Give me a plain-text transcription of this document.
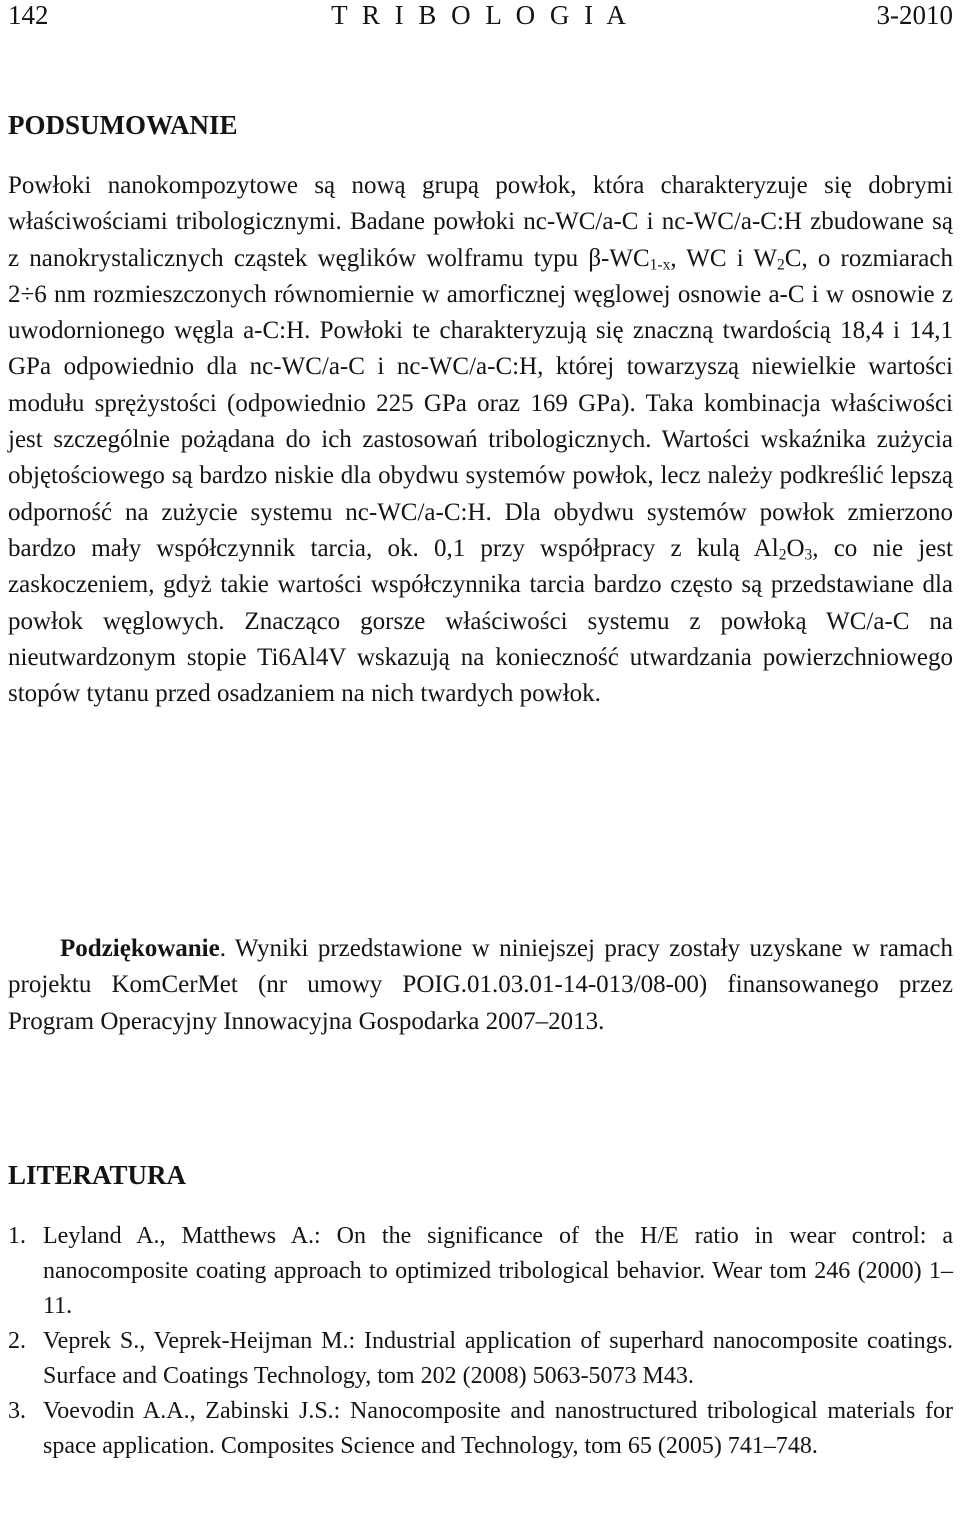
142	T R I B O L O G I A	3-2010
PODSUMOWANIE

Powłoki nanokompozytowe są nową grupą powłok, która charakteryzuje się dobrymi właściwościami tribologicznymi. Badane powłoki nc-WC/a-C i nc-WC/a-C:H zbudowane są z nanokrystalicznych cząstek węglików wolframu typu $\beta-WC_{1-x}$, WC i $W_2C$, o rozmiarach 2÷6 nm rozmieszczonych równomiernie w amorficznej węglowej osnowie a-C i w osnowie z uwodornionego węgla a-C:H. Powłoki te charakteryzują się znaczną twardością 18,4 i 14,1 GPa odpowiednio dla nc-WC/a-C i nc-WC/a-C:H, której towarzyszą niewielkie wartości modułu sprężystości (odpowiednio 225 GPa oraz 169 GPa). Taka kombinacja właściwości jest szczególnie pożądana do ich zastosowań tribologicznych. Wartości wskaźnika zużycia objętościowego są bardzo niskie dla obydwu systemów powłok, lecz należy podkreślić lepszą odporność na zużycie systemu nc-WC/a-C:H. Dla obydwu systemów powłok zmierzono bardzo mały współczynnik tarcia, ok. 0,1 przy współpracy z kulą $Al_2O_3$, co nie jest zaskoczeniem, gdyż takie wartości współczynnika tarcia bardzo często są przedstawiane dla powłok węglowych. Znacząco gorsze właściwości systemu z powłoką WC/a-C na nieutwardzonym stopie Ti6Al4V wskazują na konieczność utwardzania powierzchniowego stopów tytanu przed osadzaniem na nich twardych powłok.

Podziękowanie. Wyniki przedstawione w niniejszej pracy zostały uzyskane w ramach projektu KomCerMet (nr umowy POIG.01.03.01-14-013/08-00) finansowanego przez Program Operacyjny Innowacyjna Gospodarka 2007–2013.

LITERATURA
1. Leyland A., Matthews A.: On the significance of the H/E ratio in wear control: a nanocomposite coating approach to optimized tribological behavior. Wear tom 246 (2000) 1–11.
2. Veprek S., Veprek-Heijman M.: Industrial application of superhard nanocomposite coatings. Surface and Coatings Technology, tom 202 (2008) 5063-5073 M43.
3. Voevodin A.A., Zabinski J.S.: Nanocomposite and nanostructured tribological materials for space application. Composites Science and Technology, tom 65 (2005) 741–748.
